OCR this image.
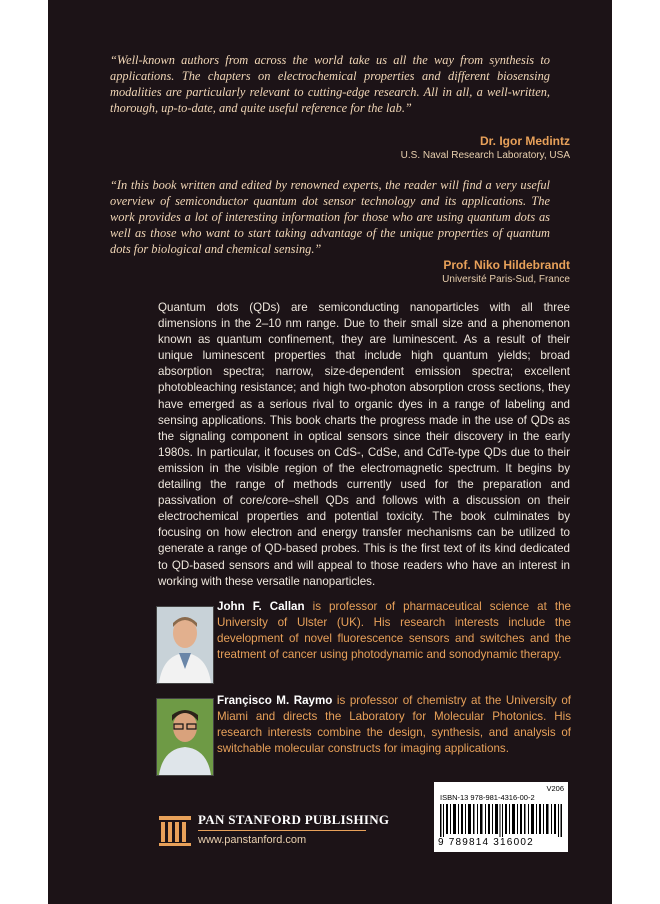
“Well-known authors from across the world take us all the way from synthesis to applications. The chapters on electrochemical properties and different biosensing modalities are particularly relevant to cutting-edge research. All in all, a well-written, thorough, up-to-date, and quite useful reference for the lab.”
Dr. Igor Medintz
U.S. Naval Research Laboratory, USA
“In this book written and edited by renowned experts, the reader will find a very useful overview of semiconductor quantum dot sensor technology and its applications. The work provides a lot of interesting information for those who are using quantum dots as well as those who want to start taking advantage of the unique properties of quantum dots for biological and chemical sensing.”
Prof. Niko Hildebrandt
Université Paris-Sud, France
Quantum dots (QDs) are semiconducting nanoparticles with all three dimensions in the 2–10 nm range. Due to their small size and a phenomenon known as quantum confinement, they are luminescent. As a result of their unique luminescent properties that include high quantum yields; broad absorption spectra; narrow, size-dependent emission spectra; excellent photobleaching resistance; and high two-photon absorption cross sections, they have emerged as a serious rival to organic dyes in a range of labeling and sensing applications. This book charts the progress made in the use of QDs as the signaling component in optical sensors since their discovery in the early 1980s. In particular, it focuses on CdS-, CdSe, and CdTe-type QDs due to their emission in the visible region of the electromagnetic spectrum. It begins by detailing the range of methods currently used for the preparation and passivation of core/core–shell QDs and follows with a discussion on their electrochemical properties and potential toxicity. The book culminates by focusing on how electron and energy transfer mechanisms can be utilized to generate a range of QD-based probes. This is the first text of its kind dedicated to QD-based sensors and will appeal to those readers who have an interest in working with these versatile nanoparticles.
John F. Callan is professor of pharmaceutical science at the University of Ulster (UK). His research interests include the development of novel fluorescence sensors and switches and the treatment of cancer using photodynamic and sonodynamic therapy.
Françisco M. Raymo is professor of chemistry at the University of Miami and directs the Laboratory for Molecular Photonics. His research interests combine the design, synthesis, and analysis of switchable molecular constructs for imaging applications.
PAN STANFORD PUBLISHING
www.panstanford.com
V206
ISBN-13 978-981-4316-00-2
9 789814 316002
